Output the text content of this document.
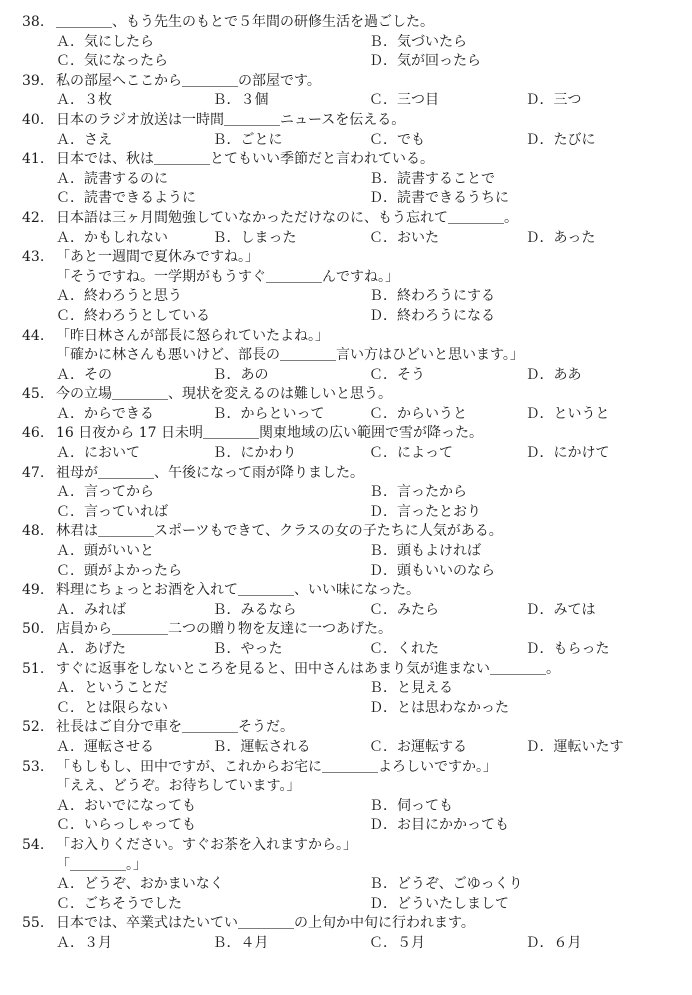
38. ＿＿＿＿、もう先生のもとで５年間の研修生活を過ごした。
Ａ．気にしたら	Ｂ．気づいたら
Ｃ．気になったら	Ｄ．気が回ったら
39. 私の部屋へここから＿＿＿＿の部屋です。
Ａ．３枚	Ｂ．３個	Ｃ．三つ目	Ｄ．三つ
40. 日本のラジオ放送は一時間＿＿＿＿ニュースを伝える。
Ａ．さえ	Ｂ．ごとに	Ｃ．でも	Ｄ．たびに
41. 日本では、秋は＿＿＿＿とてもいい季節だと言われている。
Ａ．読書するのに	Ｂ．読書することで
Ｃ．読書できるように	Ｄ．読書できるうちに
42. 日本語は三ヶ月間勉強していなかっただけなのに、もう忘れて＿＿＿＿。
Ａ．かもしれない	Ｂ．しまった	Ｃ．おいた	Ｄ．あった
43. 「あと一週間で夏休みですね。」
「そうですね。一学期がもうすぐ＿＿＿＿んですね。」
Ａ．終わろうと思う	Ｂ．終わろうにする
Ｃ．終わろうとしている	Ｄ．終わろうになる
44. 「昨日林さんが部長に怒られていたよね。」
「確かに林さんも悪いけど、部長の＿＿＿＿言い方はひどいと思います。」
Ａ．その	Ｂ．あの	Ｃ．そう	Ｄ．ああ
45. 今の立場＿＿＿＿、現状を変えるのは難しいと思う。
Ａ．からできる	Ｂ．からといって	Ｃ．からいうと	Ｄ．というと
46. 16 日夜から 17 日未明＿＿＿＿関東地域の広い範囲で雪が降った。
Ａ．において	Ｂ．にかわり	Ｃ．によって	Ｄ．にかけて
47. 祖母が＿＿＿＿、午後になって雨が降りました。
Ａ．言ってから	Ｂ．言ったから
Ｃ．言っていれば	Ｄ．言ったとおり
48. 林君は＿＿＿＿スポーツもできて、クラスの女の子たちに人気がある。
Ａ．頭がいいと	Ｂ．頭もよければ
Ｃ．頭がよかったら	Ｄ．頭もいいのなら
49. 料理にちょっとお酒を入れて＿＿＿＿、いい味になった。
Ａ．みれば	Ｂ．みるなら	Ｃ．みたら	Ｄ．みては
50. 店員から＿＿＿＿二つの贈り物を友達に一つあげた。
Ａ．あげた	Ｂ．やった	Ｃ．くれた	Ｄ．もらった
51. すぐに返事をしないところを見ると、田中さんはあまり気が進まない＿＿＿＿。
Ａ．ということだ	Ｂ．と見える
Ｃ．とは限らない	Ｄ．とは思わなかった
52. 社長はご自分で車を＿＿＿＿そうだ。
Ａ．運転させる	Ｂ．運転される	Ｃ．お運転する	Ｄ．運転いたす
53. 「もしもし、田中ですが、これからお宅に＿＿＿＿よろしいですか。」
「ええ、どうぞ。お待ちしています。」
Ａ．おいでになっても	Ｂ．伺っても
Ｃ．いらっしゃっても	Ｄ．お目にかかっても
54. 「お入りください。すぐお茶を入れますから。」
「＿＿＿＿。」
Ａ．どうぞ、おかまいなく	Ｂ．どうぞ、ごゆっくり
Ｃ．ごちそうでした	Ｄ．どういたしまして
55. 日本では、卒業式はたいてい＿＿＿＿の上旬か中旬に行われます。
Ａ．３月	Ｂ．４月	Ｃ．５月	Ｄ．６月
